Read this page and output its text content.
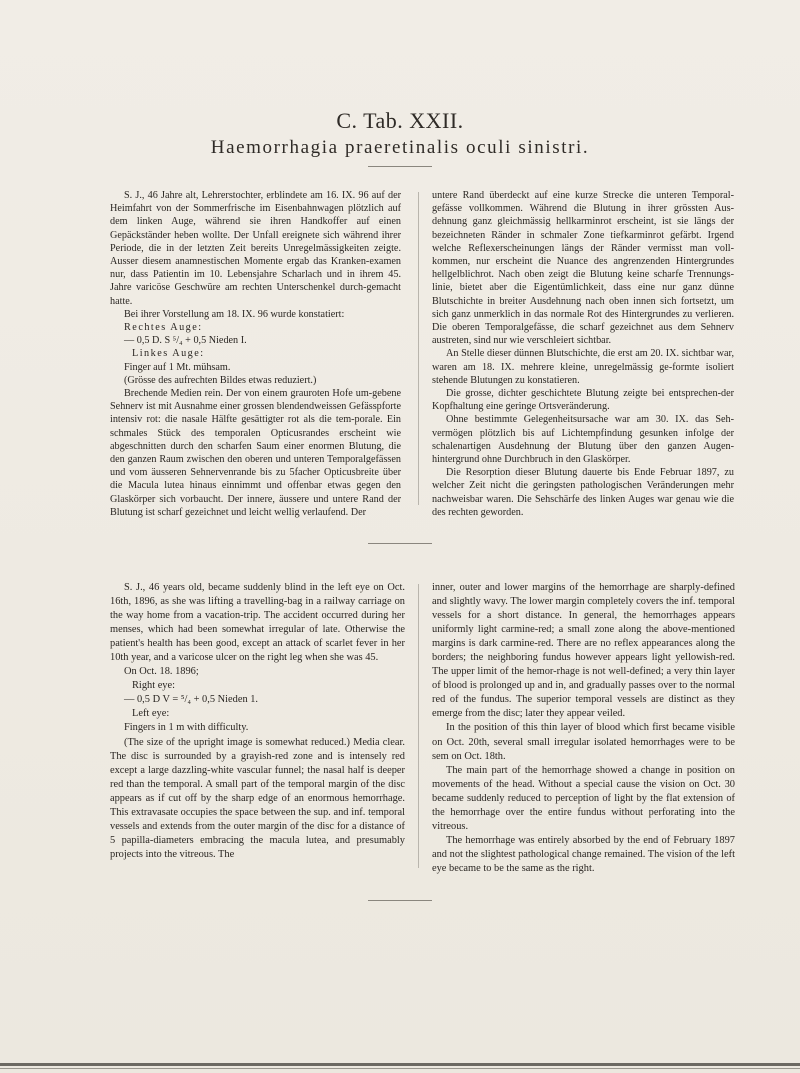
C. Tab. XXII.
Haemorrhagia praeretinalis oculi sinistri.

S. J., 46 Jahre alt, Lehrerstochter, erblindete am 16. IX. 96 auf der Heimfahrt von der Sommerfrische im Eisenbahnwagen plötzlich auf dem linken Auge, während sie ihren Handkoffer auf einen Gepäckständer heben wollte. Der Unfall ereignete sich während ihrer Periode, die in der letzten Zeit bereits Unregelmässigkeiten zeigte. Ausser diesem anamnestischen Momente ergab das Kranken-examen nur, dass Patientin im 10. Lebensjahre Scharlach und in ihrem 45. Jahre varicöse Geschwüre am rechten Unterschenkel durch-gemacht hatte.

Bei ihrer Vorstellung am 18. IX. 96 wurde konstatiert:

Rechtes Auge:

— 0,5 D. S ⁵/₄ + 0,5 Nieden I.

Linkes Auge:

Finger auf 1 Mt. mühsam.

(Grösse des aufrechten Bildes etwas reduziert.)

Brechende Medien rein. Der von einem grauroten Hofe um-gebene Sehnerv ist mit Ausnahme einer grossen blendendweissen Gefässpforte intensiv rot: die nasale Hälfte gesättigter rot als die tem-porale. Ein schmales Stück des temporalen Opticusrandes erscheint wie abgeschnitten durch den scharfen Saum einer enormen Blutung, die den ganzen Raum zwischen den oberen und unteren Temporalgefässen und vom äusseren Sehnervenrande bis zu 5facher Opticusbreite über die Macula lutea hinaus einnimmt und offenbar etwas gegen den Glaskörper sich vorbaucht. Der innere, äussere und untere Rand der Blutung ist scharf gezeichnet und leicht wellig verlaufend. Der

untere Rand überdeckt auf eine kurze Strecke die unteren Temporal-gefässe vollkommen. Während die Blutung in ihrer grössten Aus-dehnung ganz gleichmässig hellkarminrot erscheint, ist sie längs der bezeichneten Ränder in schmaler Zone tiefkarminrot gefärbt. Irgend welche Reflexerscheinungen längs der Ränder vermisst man voll-kommen, nur erscheint die Nuance des angrenzenden Hintergrundes hellgelblichrot. Nach oben zeigt die Blutung keine scharfe Trennungs-linie, bietet aber die Eigentümlichkeit, dass eine nur ganz dünne Blutschichte in breiter Ausdehnung nach oben innen sich fortsetzt, um sich ganz unmerklich in das normale Rot des Hintergrundes zu verlieren. Die oberen Temporalgefässe, die scharf gezeichnet aus dem Sehnerv austreten, sind nur wie verschleiert sichtbar.

An Stelle dieser dünnen Blutschichte, die erst am 20. IX. sichtbar war, waren am 18. IX. mehrere kleine, unregelmässig ge-formte isoliert stehende Blutungen zu konstatieren.

Die grosse, dichter geschichtete Blutung zeigte bei entsprechen-der Kopfhaltung eine geringe Ortsveränderung.

Ohne bestimmte Gelegenheitsursache war am 30. IX. das Seh-vermögen plötzlich bis auf Lichtempfindung gesunken infolge der schalenartigen Ausdehnung der Blutung über den ganzen Augen-hintergrund ohne Durchbruch in den Glaskörper.

Die Resorption dieser Blutung dauerte bis Ende Februar 1897, zu welcher Zeit nicht die geringsten pathologischen Veränderungen mehr nachweisbar waren. Die Sehschärfe des linken Auges war genau wie die des rechten geworden.

S. J., 46 years old, became suddenly blind in the left eye on Oct. 16th, 1896, as she was lifting a travelling-bag in a railway carriage on the way home from a vacation-trip. The accident occurred during her menses, which had been somewhat irregular of late. Otherwise the patient's health has been good, except an attack of scarlet fever in her 10th year, and a varicose ulcer on the right leg when she was 45.

On Oct. 18. 1896;

Right eye:

— 0,5 D V = ⁵/₄ + 0,5 Nieden 1.

Left eye:

Fingers in 1 m with difficulty.

(The size of the upright image is somewhat reduced.) Media clear. The disc is surrounded by a grayish-red zone and is intensely red except a large dazzling-white vascular funnel; the nasal half is deeper red than the temporal. A small part of the temporal margin of the disc appears as if cut off by the sharp edge of an enormous hemorrhage. This extravasate occupies the space between the sup. and inf. temporal vessels and extends from the outer margin of the disc for a distance of 5 papilla-diameters embracing the macula lutea, and presumably projects into the vitreous. The

inner, outer and lower margins of the hemorrhage are sharply-defined and slightly wavy. The lower margin completely covers the inf. temporal vessels for a short distance. In general, the hemorrhages appears uniformly light carmine-red; a small zone along the above-mentioned margins is dark carmine-red. There are no reflex appearances along the borders; the neighboring fundus however appears light yellowish-red. The upper limit of the hemor-rhage is not well-defined; a very thin layer of blood is prolonged up and in, and gradually passes over to the normal red of the fundus. The superior temporal vessels are distinct as they emerge from the disc; later they appear veiled.

In the position of this thin layer of blood which first became visible on Oct. 20th, several small irregular isolated hemorrhages were to be sem on Oct. 18th.

The main part of the hemorrhage showed a change in position on movements of the head. Without a special cause the vision on Oct. 30 became suddenly reduced to perception of light by the flat extension of the hemorrhage over the entire fundus without perforating into the vitreous.

The hemorrhage was entirely absorbed by the end of February 1897 and not the slightest pathological change remained. The vision of the left eye became to be the same as the right.
